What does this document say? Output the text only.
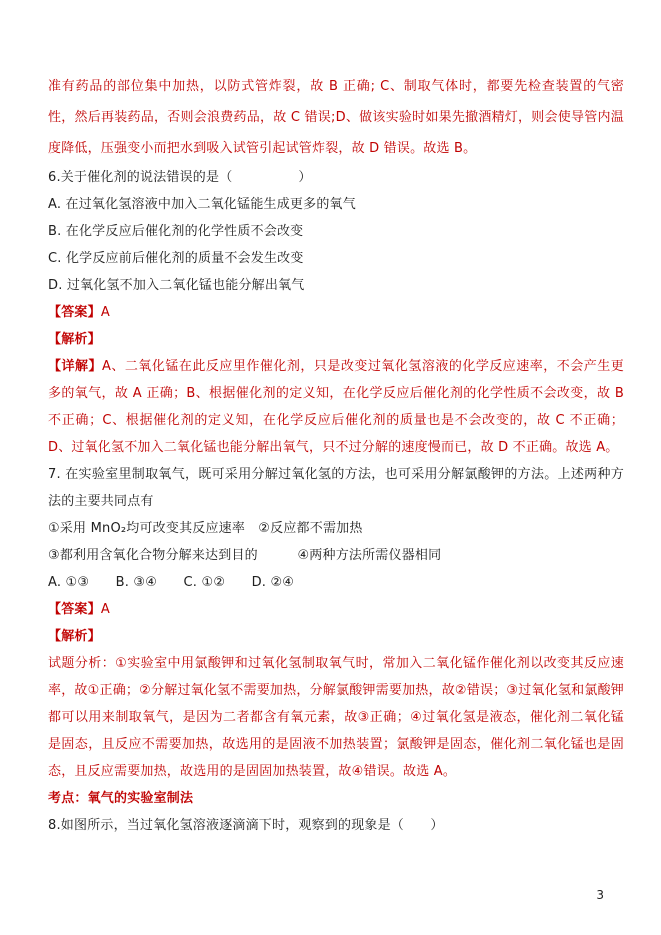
准有药品的部位集中加热，以防式管炸裂，故 B 正确; C、制取气体时，都要先检查装置的气密性，然后再装药品，否则会浪费药品，故 C 错误;D、做该实验时如果先撤酒精灯，则会使导管内温度降低，压强变小而把水到吸入试管引起试管炸裂，故 D 错误。故选 B。

6.关于催化剂的说法错误的是（　　　　　）

A. 在过氧化氢溶液中加入二氧化锰能生成更多的氧气

B. 在化学反应后催化剂的化学性质不会改变

C. 化学反应前后催化剂的质量不会发生改变

D. 过氧化氢不加入二氧化锰也能分解出氧气

【答案】A

【解析】

【详解】A、二氧化锰在此反应里作催化剂，只是改变过氧化氢溶液的化学反应速率，不会产生更多的氧气，故 A 正确；B、根据催化剂的定义知，在化学反应后催化剂的化学性质不会改变，故 B 不正确；C、根据催化剂的定义知，在化学反应后催化剂的质量也是不会改变的，故 C 不正确；D、过氧化氢不加入二氧化锰也能分解出氧气，只不过分解的速度慢而已，故 D 不正确。故选 A。

7. 在实验室里制取氧气，既可采用分解过氧化氢的方法，也可采用分解氯酸钾的方法。上述两种方法的主要共同点有

①采用 MnO₂均可改变其反应速率　②反应都不需加热

③都利用含氧化合物分解来达到目的　　　④两种方法所需仪器相同

A. ①③　　B. ③④　　C. ①②　　D. ②④

【答案】A

【解析】

试题分析：①实验室中用氯酸钾和过氧化氢制取氧气时，常加入二氧化锰作催化剂以改变其反应速率，故①正确；②分解过氧化氢不需要加热，分解氯酸钾需要加热，故②错误；③过氧化氢和氯酸钾都可以用来制取氧气，是因为二者都含有氧元素，故③正确；④过氧化氢是液态，催化剂二氧化锰是固态，且反应不需要加热，故选用的是固液不加热装置；氯酸钾是固态，催化剂二氧化锰也是固态，且反应需要加热，故选用的是固固加热装置，故④错误。故选 A。

考点：氧气的实验室制法

8.如图所示，当过氧化氢溶液逐滴滴下时，观察到的现象是（　　）

3
